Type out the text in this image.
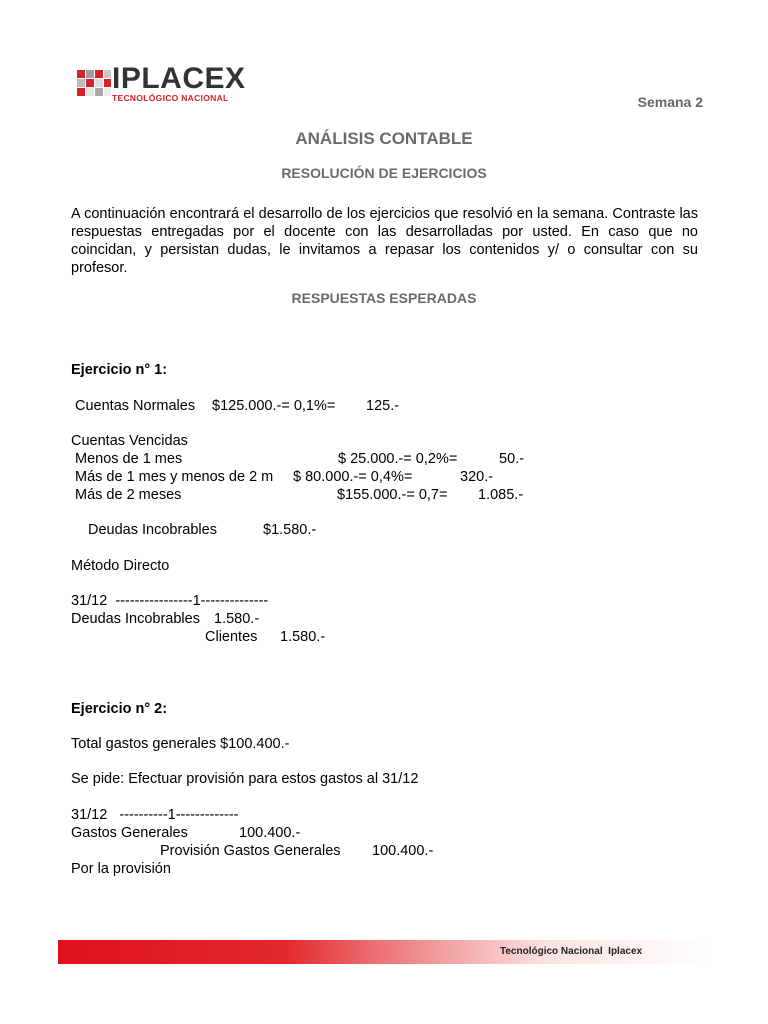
IPLACEX
TECNOLÓGICO NACIONAL	Semana 2
ANÁLISIS CONTABLE
RESOLUCIÓN DE EJERCICIOS
A continuación encontrará el desarrollo de los ejercicios que resolvió en la semana. Contraste las respuestas entregadas por el docente con las desarrolladas por usted. En caso que no coincidan, y persistan dudas, le invitamos a repasar los contenidos y/ o consultar con su profesor.
RESPUESTAS ESPERADAS
Ejercicio n° 1:
Cuentas Normales $125.000.-= 0,1%= 125.-
Cuentas Vencidas
Menos de 1 mes	$ 25.000.-= 0,2%=	50.-
Más de 1 mes y menos de 2 m $ 80.000.-= 0,4%=	320.-
Más de 2 meses	$155.000.-= 0,7= 1.085.-
Deudas Incobrables	$1.580.-
Método Directo
31/12  ----------------1--------------
Deudas Incobrables 1.580.-
Clientes 1.580.-
Ejercicio n° 2:
Total gastos generales $100.400.-
Se pide: Efectuar provisión para estos gastos al 31/12
31/12   ----------1-------------
Gastos Generales	100.400.-
Provisión Gastos Generales 100.400.-
Por la provisión
Tecnológico Nacional  Iplacex
